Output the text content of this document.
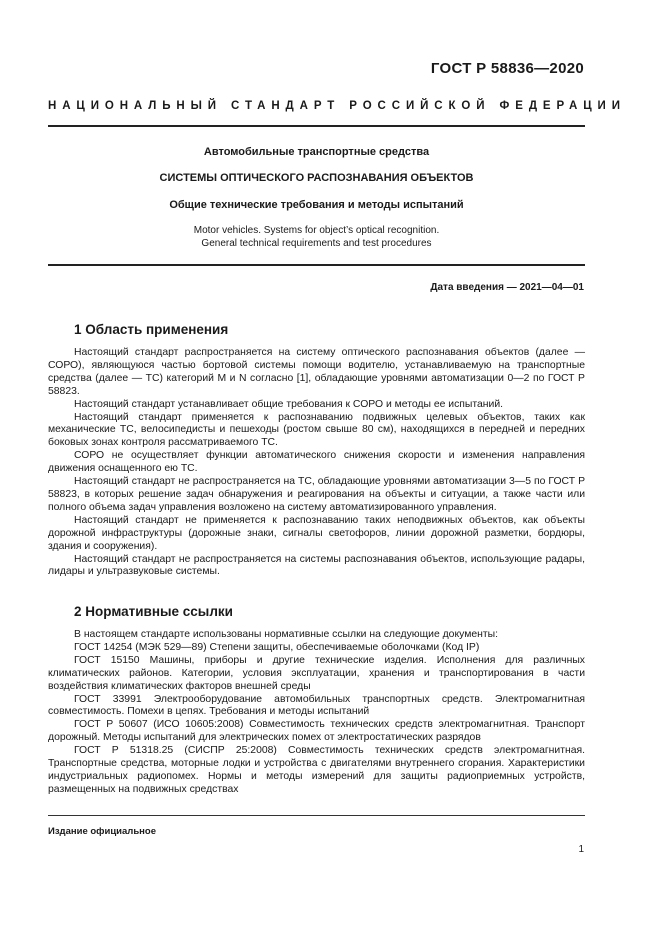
ГОСТ Р 58836—2020
НАЦИОНАЛЬНЫЙ СТАНДАРТ РОССИЙСКОЙ ФЕДЕРАЦИИ
Автомобильные транспортные средства
СИСТЕМЫ ОПТИЧЕСКОГО РАСПОЗНАВАНИЯ ОБЪЕКТОВ
Общие технические требования и методы испытаний
Motor vehicles. Systems for object’s optical recognition.
General technical requirements and test procedures
Дата введения — 2021—04—01
1 Область применения

Настоящий стандарт распространяется на систему оптического распознавания объектов (далее — СОРО), являющуюся частью бортовой системы помощи водителю, устанавливаемую на транспортные средства (далее — ТС) категорий M и N согласно [1], обладающие уровнями автоматизации 0—2 по ГОСТ Р 58823.

Настоящий стандарт устанавливает общие требования к СОРО и методы ее испытаний.

Настоящий стандарт применяется к распознаванию подвижных целевых объектов, таких как механические ТС, велосипедисты и пешеходы (ростом свыше 80 см), находящихся в передней и передних боковых зонах контроля рассматриваемого ТС.

СОРО не осуществляет функции автоматического снижения скорости и изменения направления движения оснащенного ею ТС.

Настоящий стандарт не распространяется на ТС, обладающие уровнями автоматизации 3—5 по ГОСТ Р 58823, в которых решение задач обнаружения и реагирования на объекты и ситуации, а также части или полного объема задач управления возложено на систему автоматизированного управления.

Настоящий стандарт не применяется к распознаванию таких неподвижных объектов, как объекты дорожной инфраструктуры (дорожные знаки, сигналы светофоров, линии дорожной разметки, бордюры, здания и сооружения).

Настоящий стандарт не распространяется на системы распознавания объектов, использующие радары, лидары и ультразвуковые системы.

2 Нормативные ссылки

В настоящем стандарте использованы нормативные ссылки на следующие документы:

ГОСТ 14254 (МЭК 529—89) Степени защиты, обеспечиваемые оболочками (Код IP)

ГОСТ 15150 Машины, приборы и другие технические изделия. Исполнения для различных климатических районов. Категории, условия эксплуатации, хранения и транспортирования в части воздействия климатических факторов внешней среды

ГОСТ 33991 Электрооборудование автомобильных транспортных средств. Электромагнитная совместимость. Помехи в цепях. Требования и методы испытаний

ГОСТ Р 50607 (ИСО 10605:2008) Совместимость технических средств электромагнитная. Транспорт дорожный. Методы испытаний для электрических помех от электростатических разрядов

ГОСТ Р 51318.25 (СИСПР 25:2008) Совместимость технических средств электромагнитная. Транспортные средства, моторные лодки и устройства с двигателями внутреннего сгорания. Характеристики индустриальных радиопомех. Нормы и методы измерений для защиты радиоприемных устройств, размещенных на подвижных средствах

Издание официальное
1
